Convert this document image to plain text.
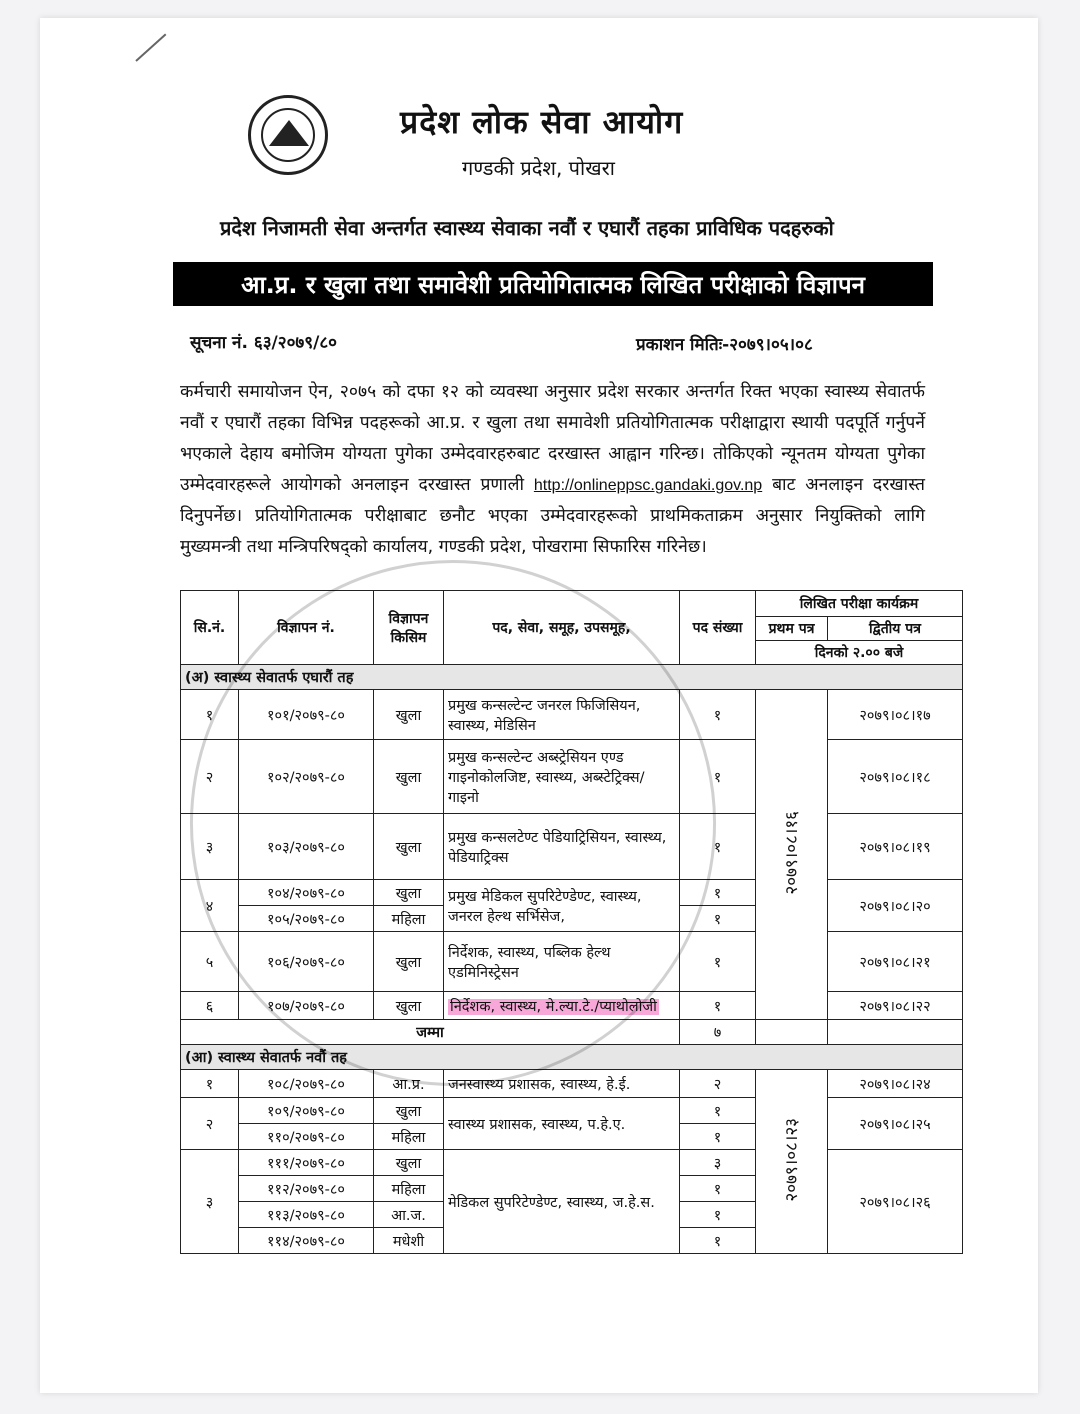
प्रदेश लोक सेवा आयोग
गण्डकी प्रदेश, पोखरा
प्रदेश निजामती सेवा अन्तर्गत स्वास्थ्य सेवाका नवौं र एघारौं तहका प्राविधिक पदहरुको
आ.प्र. र खुला तथा समावेशी प्रतियोगितात्मक लिखित परीक्षाको विज्ञापन
सूचना नं. ६३/२०७९/८०	प्रकाशन मितिः-२०७९।०५।०८
कर्मचारी समायोजन ऐन, २०७५ को दफा १२ को व्यवस्था अनुसार प्रदेश सरकार अन्तर्गत रिक्त भएका स्वास्थ्य सेवातर्फ नवौं र एघारौं तहका विभिन्न पदहरूको आ.प्र. र खुला तथा समावेशी प्रतियोगितात्मक परीक्षाद्वारा स्थायी पदपूर्ति गर्नुपर्ने भएकाले देहाय बमोजिम योग्यता पुगेका उम्मेदवारहरुबाट दरखास्त आह्वान गरिन्छ। तोकिएको न्यूनतम योग्यता पुगेका उम्मेदवारहरूले आयोगको अनलाइन दरखास्त प्रणाली http://onlineppsc.gandaki.gov.np बाट अनलाइन दरखास्त दिनुपर्नेछ। प्रतियोगितात्मक परीक्षाबाट छनौट भएका उम्मेदवारहरूको प्राथमिकताक्रम अनुसार नियुक्तिको लागि मुख्यमन्त्री तथा मन्त्रिपरिषद्को कार्यालय, गण्डकी प्रदेश, पोखरामा सिफारिस गरिनेछ।
सि.नं.	विज्ञापन नं.	विज्ञापन किसिम	पद, सेवा, समूह, उपसमूह,	पद संख्या	लिखित परीक्षा कार्यक्रम	
					प्रथम पत्र	द्वितीय पत्र
					दिनको २.०० बजे	
(अ) स्वास्थ्य सेवातर्फ एघारौं तह						
१	१०१/२०७९-८०	खुला	प्रमुख कन्सल्टेन्ट जनरल फिजिसियन, स्वास्थ्य, मेडिसिन	१	२०७९।०८।१६	२०७९।०८।१७
२	१०२/२०७९-८०	खुला	प्रमुख कन्सल्टेन्ट अब्स्ट्रेसियन एण्ड गाइनोकोलजिष्ट, स्वास्थ्य, अब्स्टेट्रिक्स/गाइनो	१		२०७९।०८।१८
३	१०३/२०७९-८०	खुला	प्रमुख कन्सलटेण्ट पेडियाट्रिसियन, स्वास्थ्य, पेडियाट्रिक्स	१		२०७९।०८।१९
४	१०४/२०७९-८०	खुला	प्रमुख मेडिकल सुपरिटेण्डेण्ट, स्वास्थ्य, जनरल हेल्थ सर्भिसेज,	१		२०७९।०८।२०
	१०५/२०७९-८०	महिला		१		
५	१०६/२०७९-८०	खुला	निर्देशक, स्वास्थ्य, पब्लिक हेल्थ एडमिनिस्ट्रेसन	१		२०७९।०८।२१
६	१०७/२०७९-८०	खुला	निर्देशक, स्वास्थ्य, मे.ल्या.टे./प्याथोलोजी	१		२०७९।०८।२२
जम्मा				७		
(आ) स्वास्थ्य सेवातर्फ नवौं तह						
१	१०८/२०७९-८०	आ.प्र.	जनस्वास्थ्य प्रशासक, स्वास्थ्य, हे.ई.	२	२०७९।०८।२३	२०७९।०८।२४
२	१०९/२०७९-८०	खुला	स्वास्थ्य प्रशासक, स्वास्थ्य, प.हे.ए.	१		२०७९।०८।२५
	११०/२०७९-८०	महिला		१		
३	१११/२०७९-८०	खुला	मेडिकल सुपरिटेण्डेण्ट, स्वास्थ्य, ज.हे.स.	३		२०७९।०८।२६
	११२/२०७९-८०	महिला		१		
	११३/२०७९-८०	आ.ज.		१		
	११४/२०७९-८०	मधेशी		१		
